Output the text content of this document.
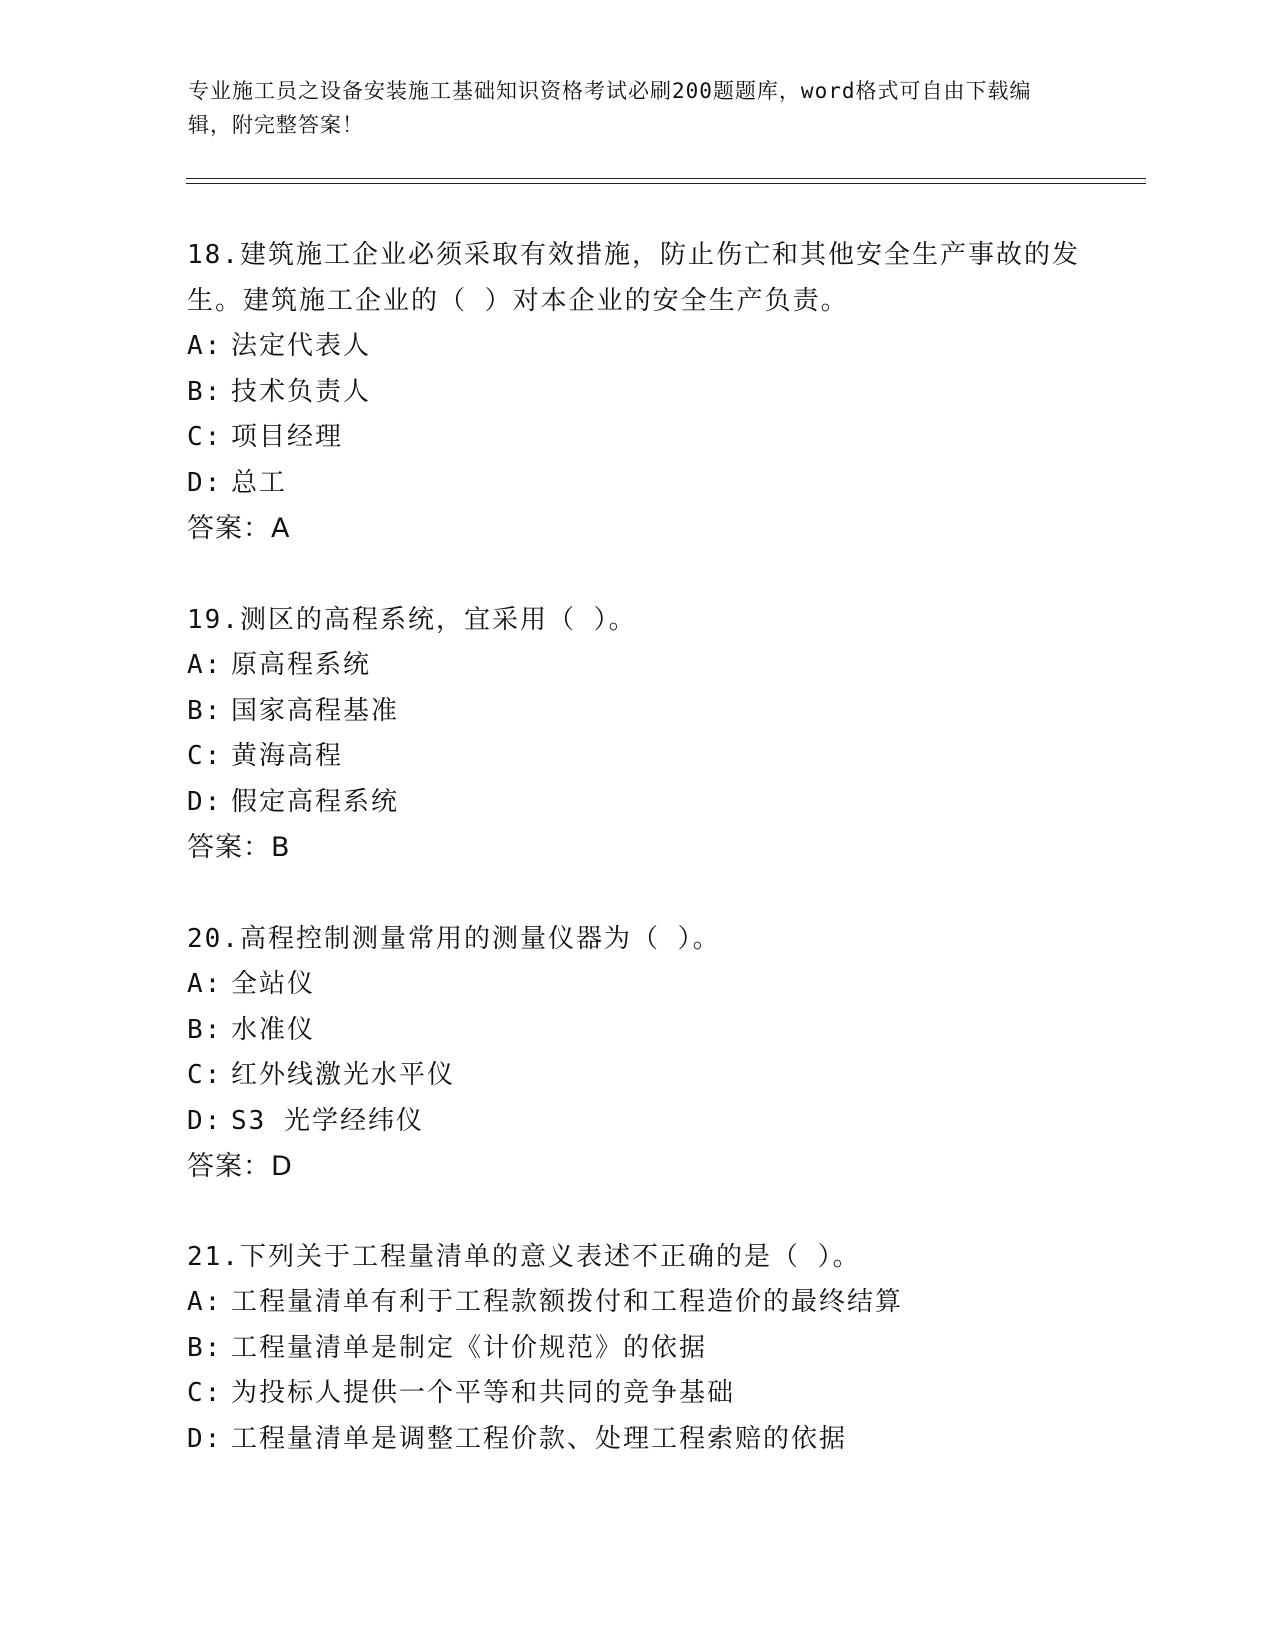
专业施工员之设备安装施工基础知识资格考试必刷200题题库，word格式可自由下载编辑，附完整答案！

18.建筑施工企业必须采取有效措施，防止伤亡和其他安全生产事故的发生。建筑施工企业的（ ）对本企业的安全生产负责。

A: 法定代表人

B: 技术负责人

C: 项目经理

D: 总工

答案：A

19.测区的高程系统，宜采用（ ）。

A: 原高程系统

B: 国家高程基准

C: 黄海高程

D: 假定高程系统

答案：B

20.高程控制测量常用的测量仪器为（ ）。

A: 全站仪

B: 水准仪

C: 红外线激光水平仪

D: S3 光学经纬仪

答案：D

21.下列关于工程量清单的意义表述不正确的是（ ）。

A: 工程量清单有利于工程款额拨付和工程造价的最终结算

B: 工程量清单是制定《计价规范》的依据

C: 为投标人提供一个平等和共同的竞争基础

D: 工程量清单是调整工程价款、处理工程索赔的依据
